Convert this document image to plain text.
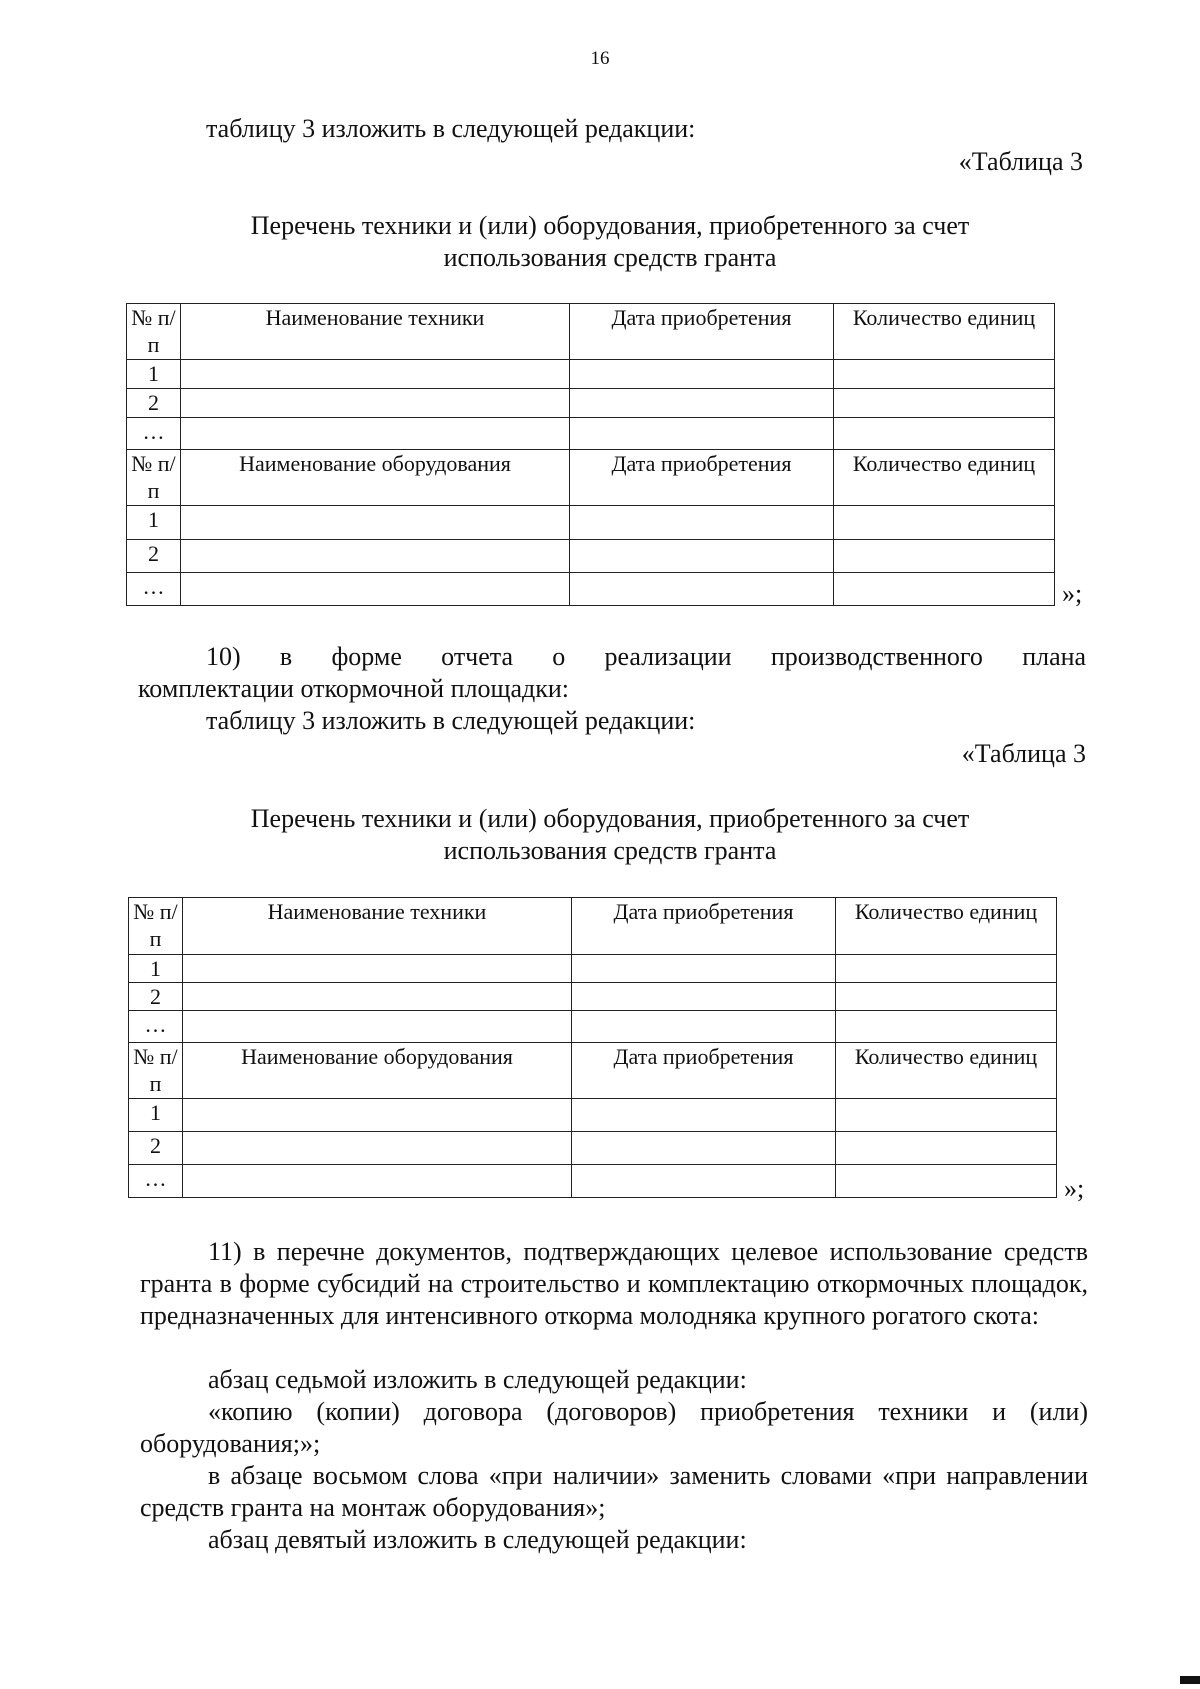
16
таблицу 3 изложить в следующей редакции:
«Таблица 3
Перечень техники и (или) оборудования, приобретенного за счет
использования средств гранта
№ п/п	Наименование техники	Дата приобретения	Количество единиц
1			
2			
…			
№ п/п	Наименование оборудования	Дата приобретения	Количество единиц
1			
2			
…				»;
10) в форме отчета о реализации производственного плана
комплектации откормочной площадки:
таблицу 3 изложить в следующей редакции:
«Таблица 3
Перечень техники и (или) оборудования, приобретенного за счет
использования средств гранта
№ п/п	Наименование техники	Дата приобретения	Количество единиц
1			
2			
…			
№ п/п	Наименование оборудования	Дата приобретения	Количество единиц
1			
2			
…				»;
11) в перечне документов, подтверждающих целевое использование средств гранта в форме субсидий на строительство и комплектацию откормочных площадок, предназначенных для интенсивного откорма молодняка крупного рогатого скота:
абзац седьмой изложить в следующей редакции:
«копию (копии) договора (договоров) приобретения техники и (или) оборудования;»;
в абзаце восьмом слова «при наличии» заменить словами «при направлении средств гранта на монтаж оборудования»;
абзац девятый изложить в следующей редакции:
